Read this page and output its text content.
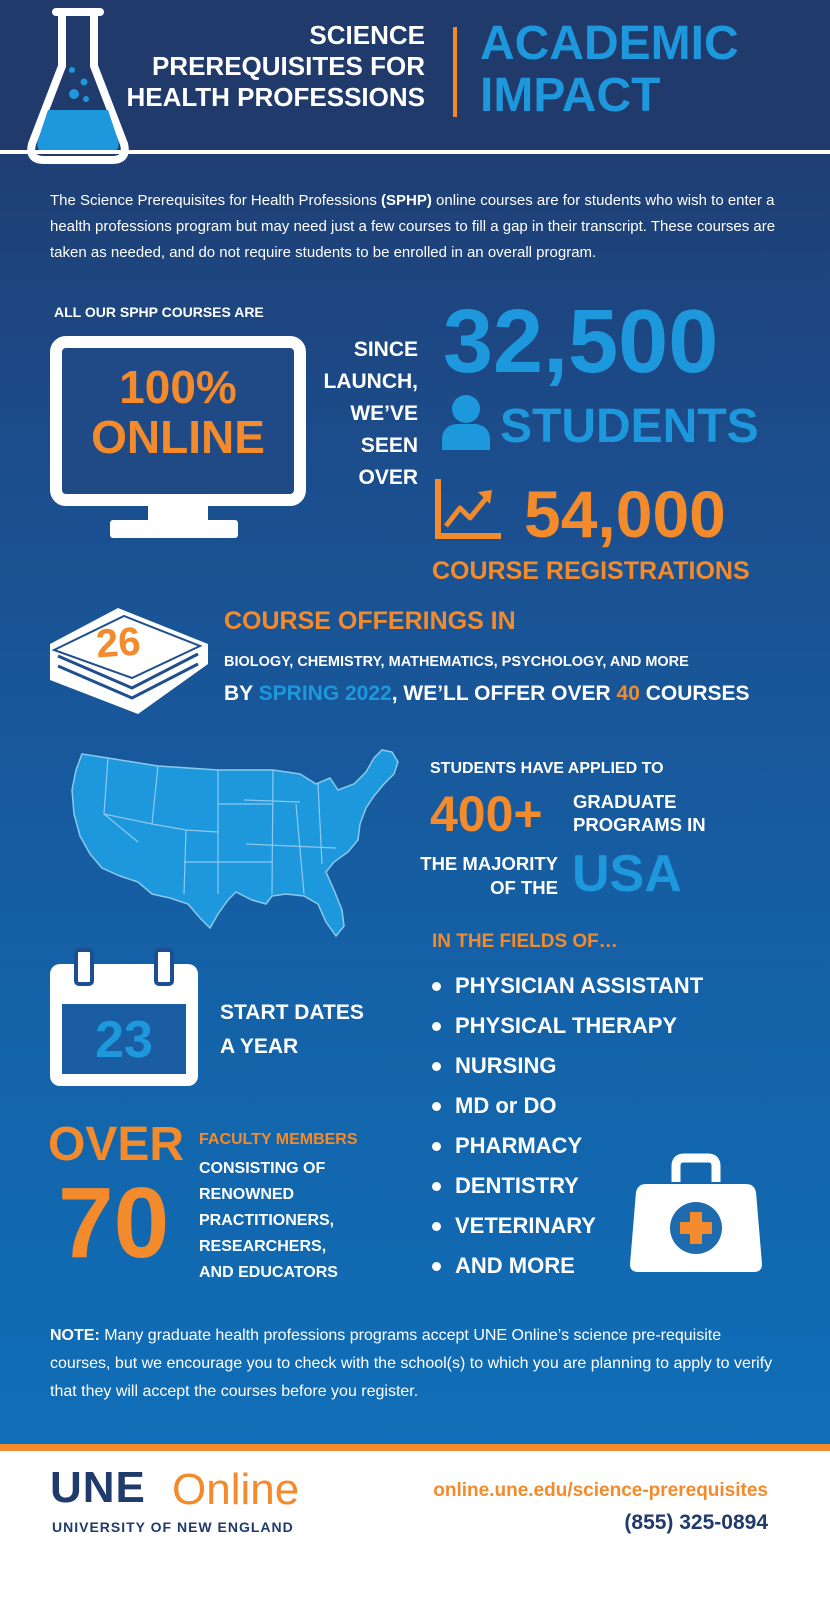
SCIENCE
PREREQUISITES FOR
HEALTH PROFESSIONS
ACADEMIC
IMPACT
The Science Prerequisites for Health Professions (SPHP) online courses are for students who wish to enter a health professions program but may need just a few courses to fill a gap in their transcript. These courses are taken as needed, and do not require students to be enrolled in an overall program.
ALL OUR SPHP COURSES ARE
100%
ONLINE
SINCE
LAUNCH,
WE’VE
SEEN
OVER
32,500
STUDENTS
54,000
COURSE REGISTRATIONS
26	COURSE OFFERINGS IN
BIOLOGY, CHEMISTRY, MATHEMATICS, PSYCHOLOGY, AND MORE
BY SPRING 2022, WE’LL OFFER OVER 40 COURSES
STUDENTS HAVE APPLIED TO
400+ GRADUATE
PROGRAMS IN
THE MAJORITY
OF THE USA
IN THE FIELDS OF…
PHYSICIAN ASSISTANT
PHYSICAL THERAPY
NURSING
MD or DO
PHARMACY
DENTISTRY
VETERINARY
AND MORE
23	START DATES
A YEAR
OVER
70
FACULTY MEMBERS
CONSISTING OF
RENOWNED
PRACTITIONERS,
RESEARCHERS,
AND EDUCATORS
NOTE: Many graduate health professions programs accept UNE Online’s science pre-requisite courses, but we encourage you to check with the school(s) to which you are planning to apply to verify that they will accept the courses before you register.
UNE Online
UNIVERSITY OF NEW ENGLAND
online.une.edu/science-prerequisites
(855) 325-0894
